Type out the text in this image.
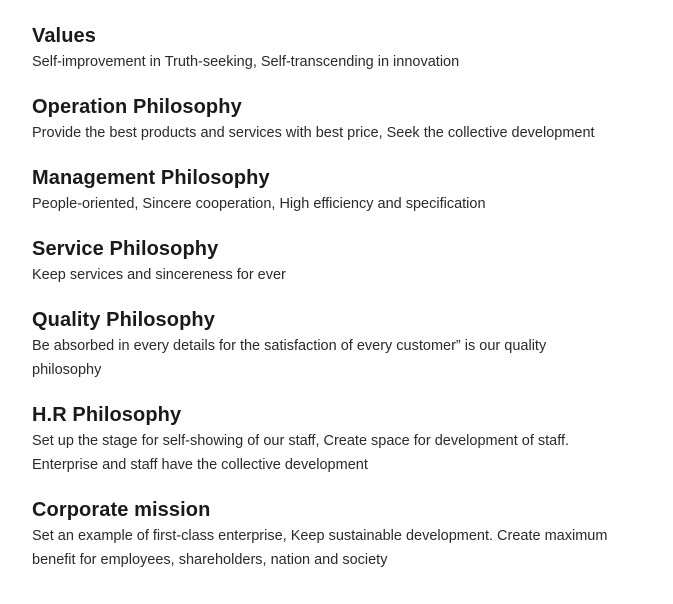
Values

Self-improvement in Truth-seeking, Self-transcending in innovation

Operation Philosophy

Provide the best products and services with best price, Seek the collective development

Management Philosophy

People-oriented, Sincere cooperation, High efficiency and specification

Service Philosophy

Keep services and sincereness for ever

Quality Philosophy

Be absorbed in every details for the satisfaction of every customer” is our quality philosophy

H.R Philosophy

Set up the stage for self-showing of our staff, Create space for development of staff. Enterprise and staff have the collective development

Corporate mission

Set an example of first-class enterprise, Keep sustainable development. Create maximum benefit for employees, shareholders, nation and society
